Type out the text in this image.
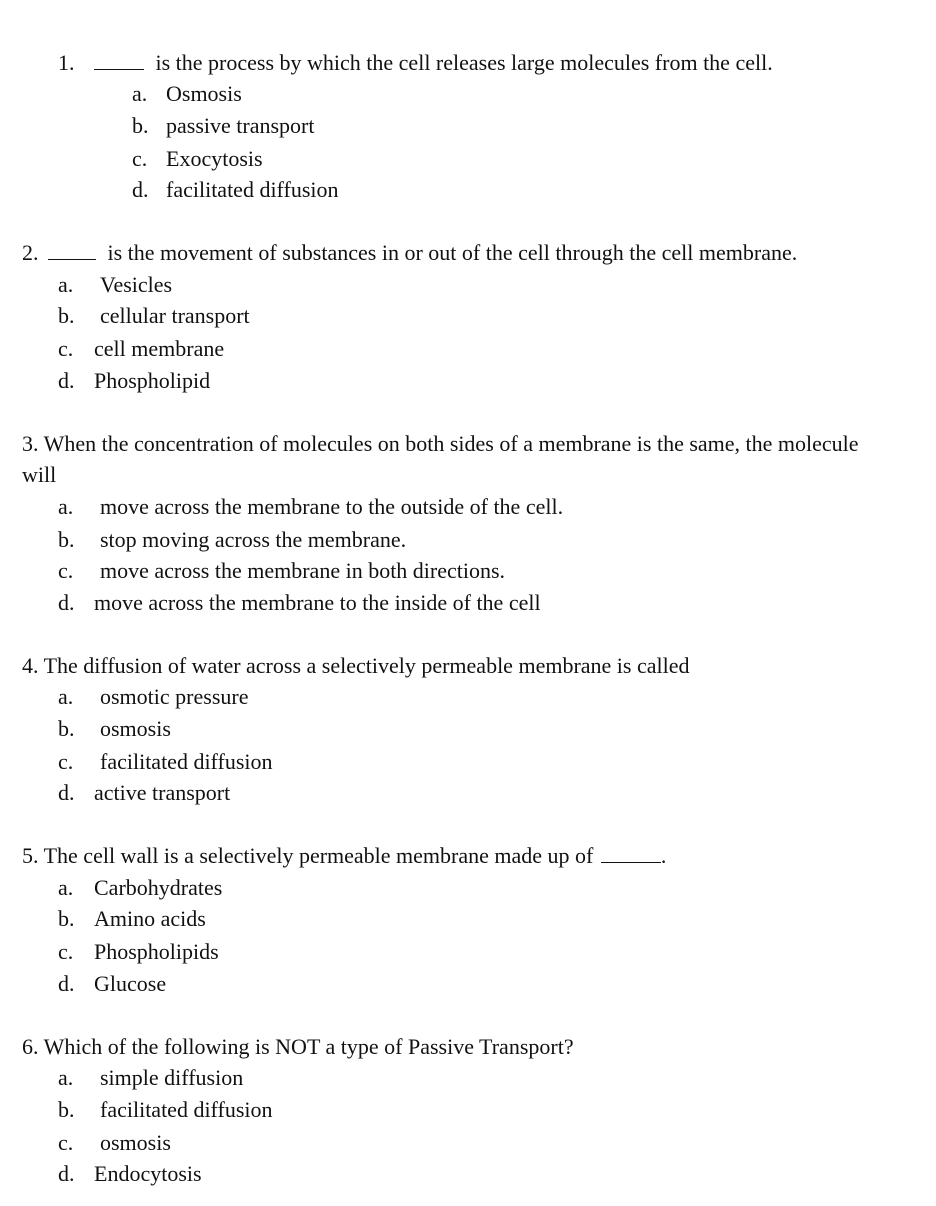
1.	is the process by which the cell releases large molecules from the cell.
a. Osmosis
b. passive transport
c. Exocytosis
d. facilitated diffusion
2.	is the movement of substances in or out of the cell through the cell membrane.
a. Vesicles
b. cellular transport
c. cell membrane
d. Phospholipid
3. When the concentration of molecules on both sides of a membrane is the same, the molecule
will
a. move across the membrane to the outside of the cell.
b. stop moving across the membrane.
c. move across the membrane in both directions.
d. move across the membrane to the inside of the cell
4. The diffusion of water across a selectively permeable membrane is called
a. osmotic pressure
b. osmosis
c. facilitated diffusion
d. active transport
5. The cell wall is a selectively permeable membrane made up of	.
a. Carbohydrates
b. Amino acids
c. Phospholipids
d. Glucose
6. Which of the following is NOT a type of Passive Transport?
a. simple diffusion
b. facilitated diffusion
c. osmosis
d. Endocytosis
